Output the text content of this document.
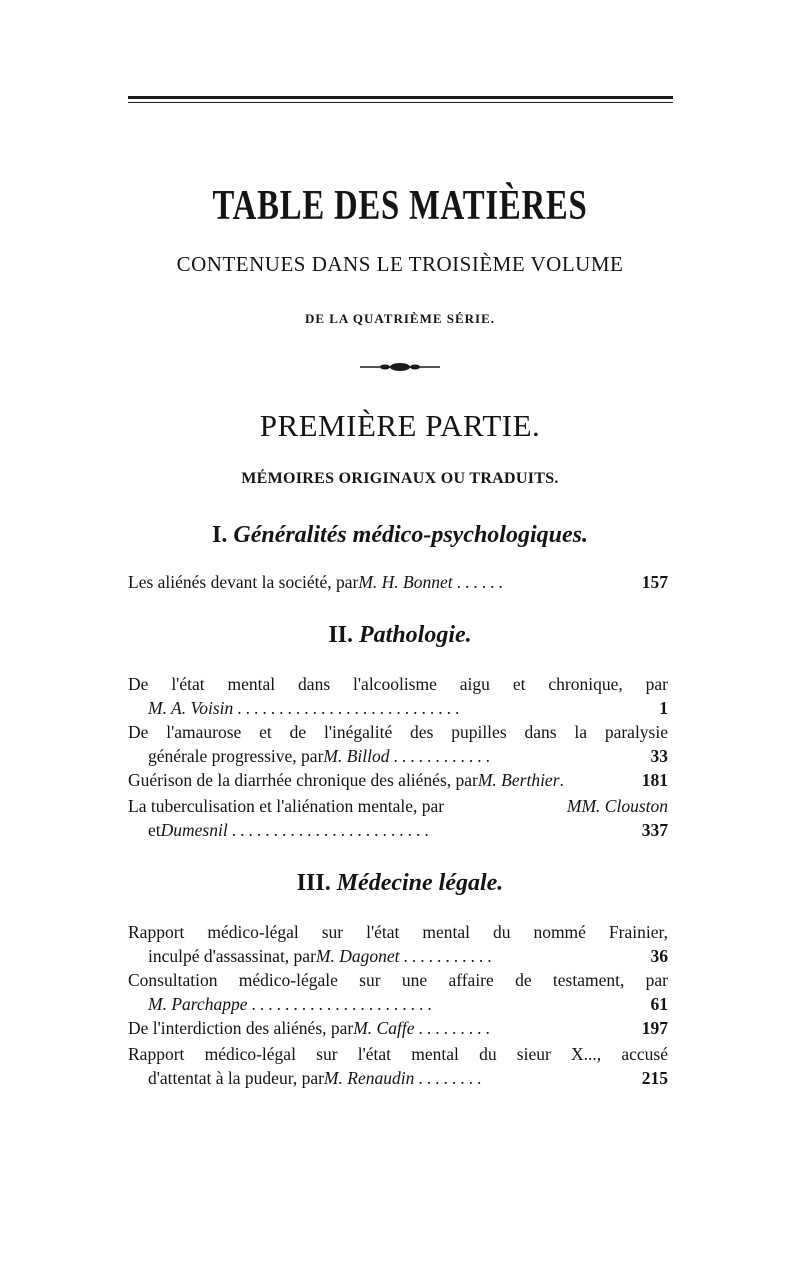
TABLE DES MATIÈRES
CONTENUES DANS LE TROISIÈME VOLUME
DE LA QUATRIÈME SÉRIE.
PREMIÈRE PARTIE.
MÉMOIRES ORIGINAUX OU TRADUITS.
I. Généralités médico-psychologiques.
Les aliénés devant la société, par M. H. Bonnet ......	157
II. Pathologie.
De l'état mental dans l'alcoolisme aigu et chronique, par
M. A. Voisin ...........................	1
De l'amaurose et de l'inégalité des pupilles dans la paralysie
générale progressive, par M. Billod ............	33
Guérison de la diarrhée chronique des aliénés, par M. Berthier .	181
La tuberculisation et l'aliénation mentale, par	MM. Clouston
et Dumesnil ........................	337
III. Médecine légale.
Rapport médico-légal sur l'état mental du nommé Frainier,
inculpé d'assassinat, par M. Dagonet ...........	36
Consultation médico-légale sur une affaire de testament, par
M. Parchappe ......................	61
De l'interdiction des aliénés, par M. Caffe .........	197
Rapport médico-légal sur l'état mental du sieur X..., accusé
d'attentat à la pudeur, par M. Renaudin ........	215
